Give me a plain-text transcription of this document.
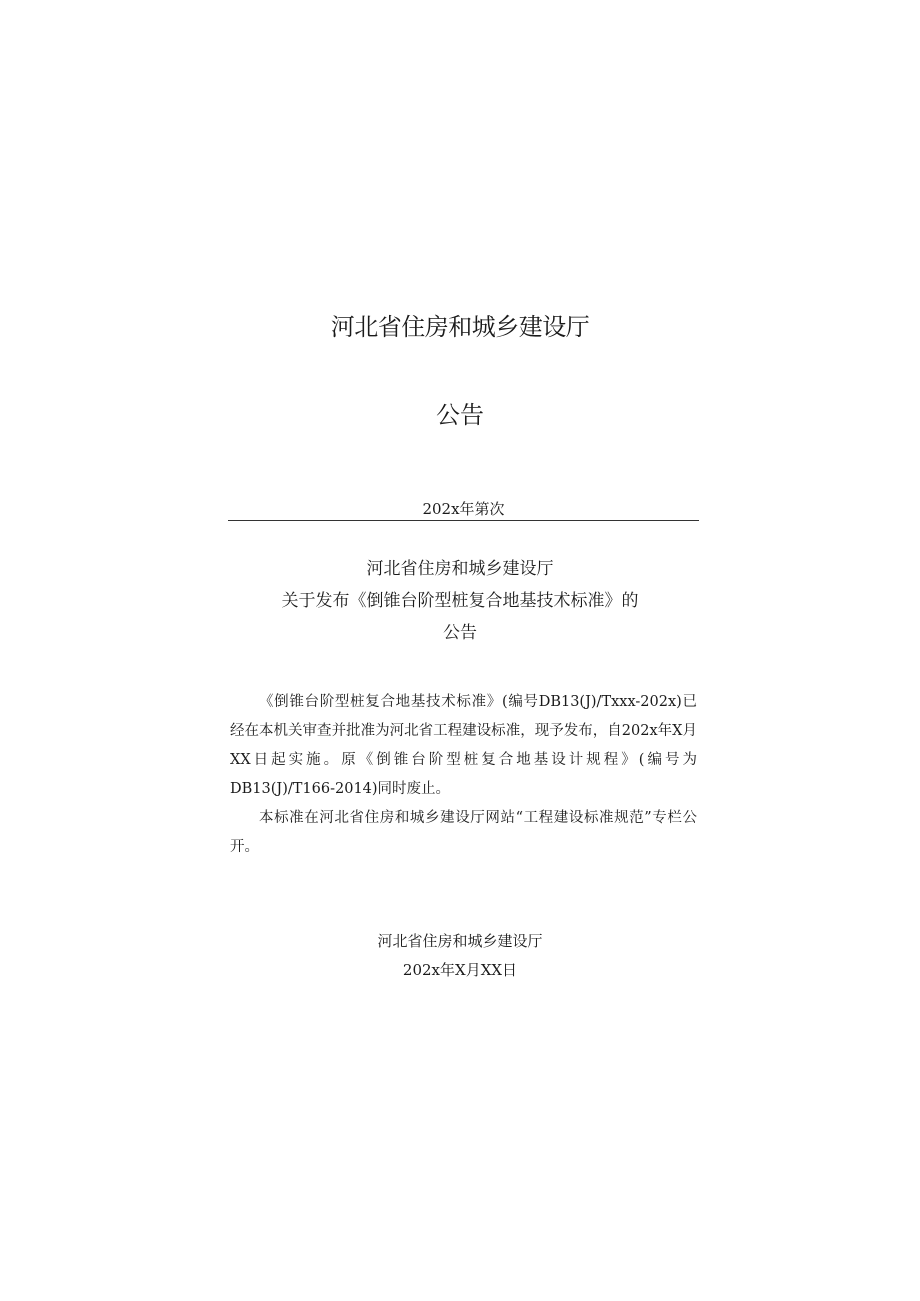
河北省住房和城乡建设厅
公告
202x年第次
河北省住房和城乡建设厅
关于发布《倒锥台阶型桩复合地基技术标准》的
公告

《倒锥台阶型桩复合地基技术标准》(编号DB13(J)/Txxx-202x)已经在本机关审查并批准为河北省工程建设标准，现予发布，自202x年X月XX日起实施。原《倒锥台阶型桩复合地基设计规程》(编号为DB13(J)/T166-2014)同时废止。

本标准在河北省住房和城乡建设厅网站“工程建设标准规范”专栏公开。

河北省住房和城乡建设厅
202x年X月XX日
